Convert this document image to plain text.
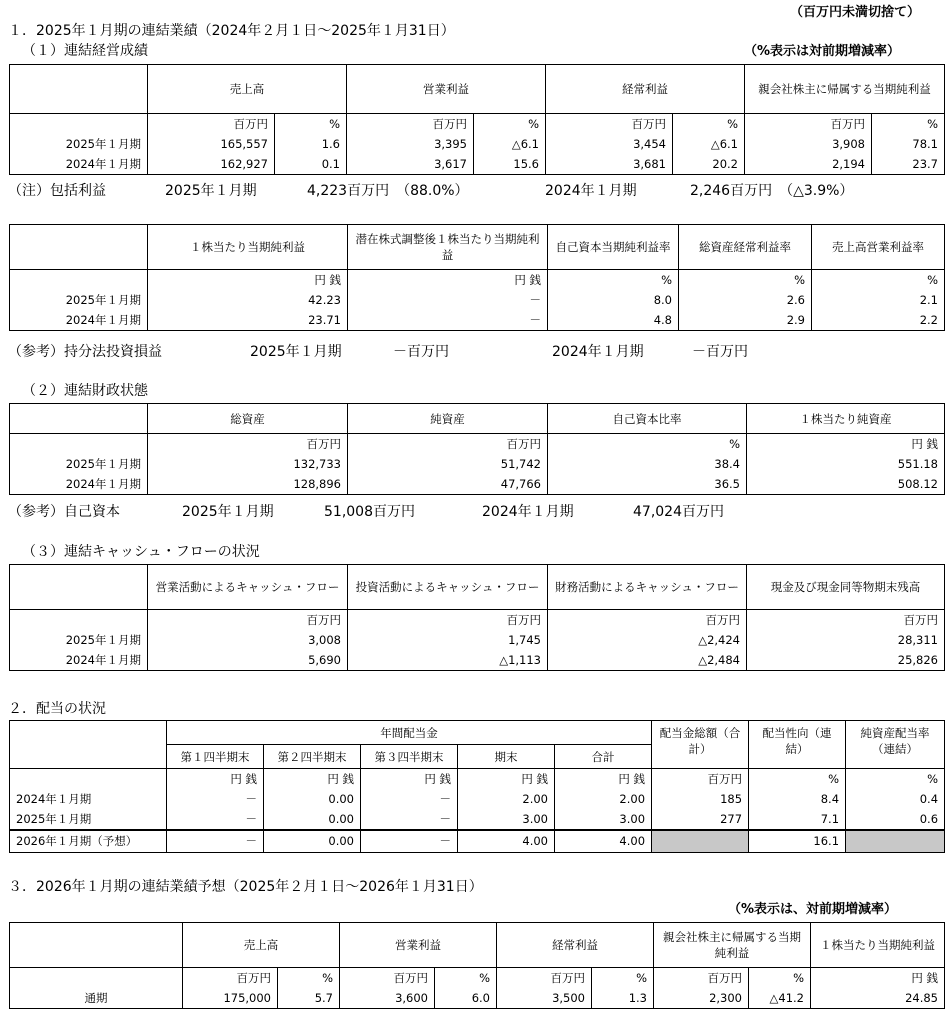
（百万円未満切捨て）
１．2025年１月期の連結業績（2024年２月１日～2025年１月31日）
（１）連結経営成績	（%表示は対前期増減率）
	売上高		営業利益		経常利益		親会社株主に帰属する当期純利益	
	百万円	%	百万円	%	百万円	%	百万円	%
2025年１月期	165,557	1.6	3,395	△6.1	3,454	△6.1	3,908	78.1
2024年１月期	162,927	0.1	3,617	15.6	3,681	20.2	2,194	23.7
（注）包括利益	2025年１月期	4,223百万円　（88.0%）	2024年１月期	2,246百万円　（△3.9%）
	１株当たり当期純利益	潜在株式調整後１株当たり当期純利益	自己資本当期純利益率	総資産経常利益率	売上高営業利益率
	円 銭	円 銭	%	%	%
2025年１月期	42.23	－	8.0	2.6	2.1
2024年１月期	23.71	－	4.8	2.9	2.2
（参考）持分法投資損益	2025年１月期	－百万円	2024年１月期	－百万円
（２）連結財政状態
	総資産	純資産	自己資本比率	１株当たり純資産
	百万円	百万円	%	円 銭
2025年１月期	132,733	51,742	38.4	551.18
2024年１月期	128,896	47,766	36.5	508.12
（参考）自己資本	2025年１月期	51,008百万円	2024年１月期	47,024百万円
（３）連結キャッシュ・フローの状況
	営業活動によるキャッシュ・フロー	投資活動によるキャッシュ・フロー	財務活動によるキャッシュ・フロー	現金及び現金同等物期末残高
	百万円	百万円	百万円	百万円
2025年１月期	3,008	1,745	△2,424	28,311
2024年１月期	5,690	△1,113	△2,484	25,826
２．配当の状況
	年間配当金					配当金総額（合計）	配当性向（連結）	純資産配当率（連結）
	第１四半期末	第２四半期末	第３四半期末	期末	合計			
	円 銭	円 銭	円 銭	円 銭	円 銭	百万円	%	%
2024年１月期	－	0.00	－	2.00	2.00	185	8.4	0.4
2025年１月期	－	0.00	－	3.00	3.00	277	7.1	0.6
2026年１月期（予想）	－	0.00	－	4.00	4.00		16.1	
３．2026年１月期の連結業績予想（2025年２月１日～2026年１月31日）
（%表示は、対前期増減率）
	売上高		営業利益		経常利益		親会社株主に帰属する当期純利益		１株当たり当期純利益
	百万円	%	百万円	%	百万円	%	百万円	%	円 銭
通期	175,000	5.7	3,600	6.0	3,500	1.3	2,300	△41.2	24.85
